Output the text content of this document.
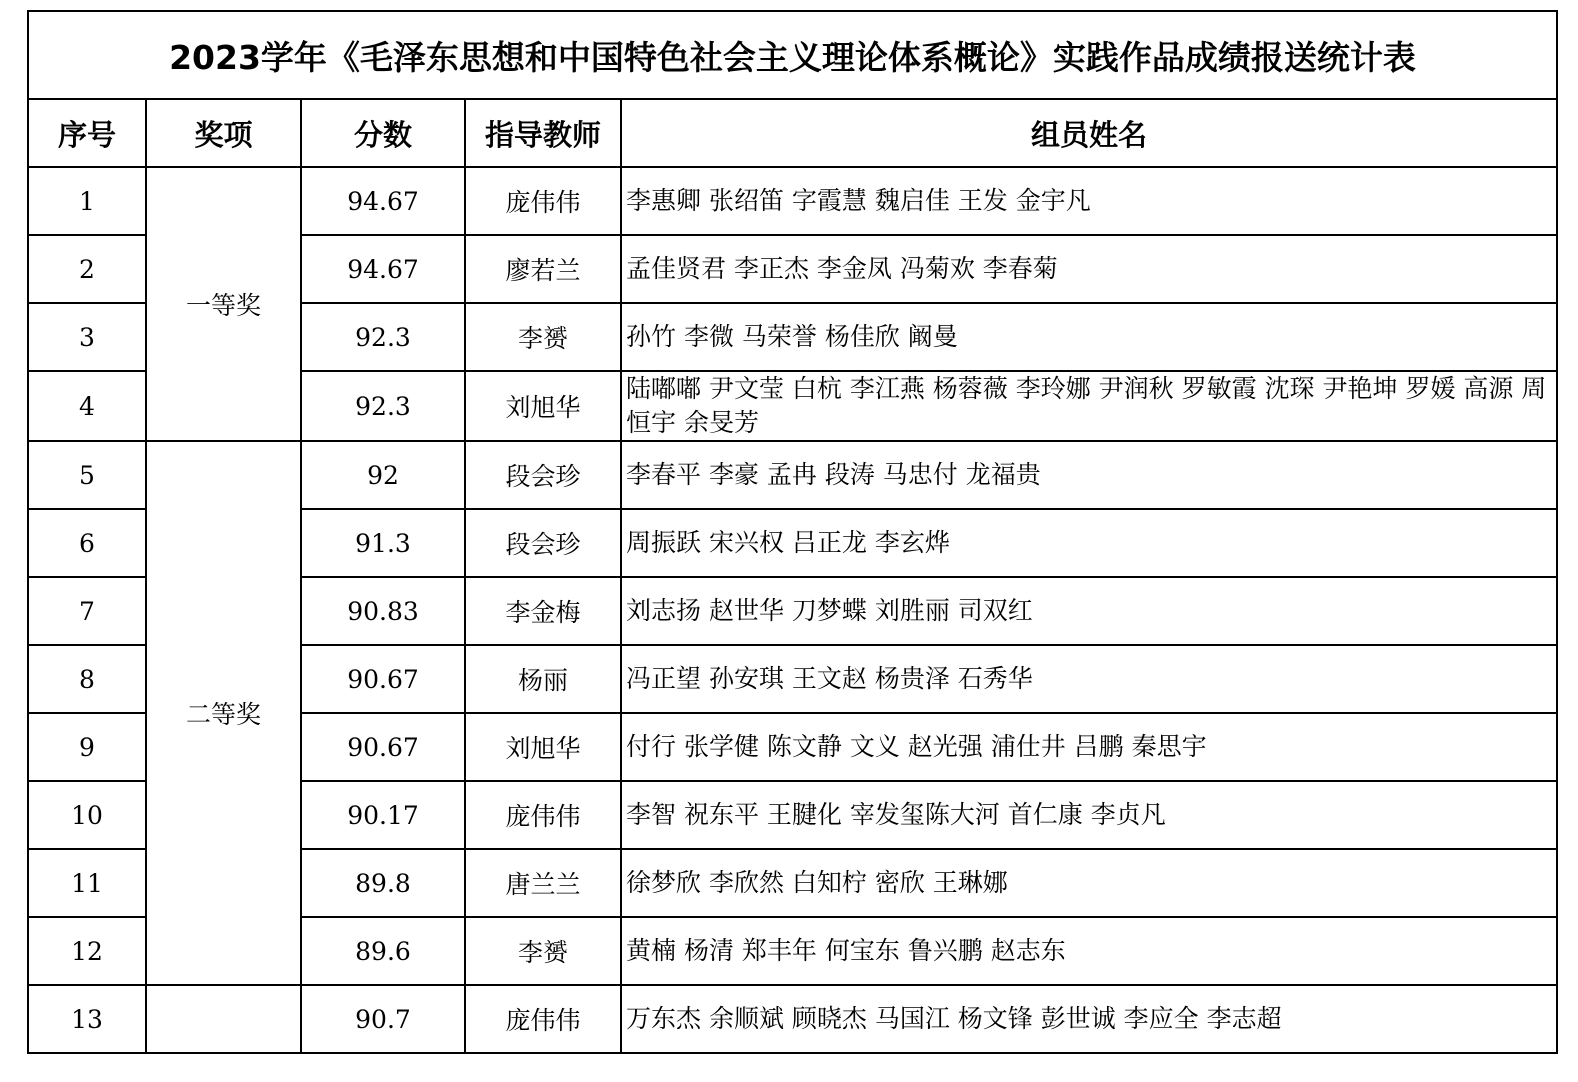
2023学年《毛泽东思想和中国特色社会主义理论体系概论》实践作品成绩报送统计表				
序号	奖项	分数	指导教师	组员姓名
1	一等奖	94.67	庞伟伟	李惠卿 张绍笛 字霞慧 魏启佳 王发 金宇凡
2		94.67	廖若兰	孟佳贤君 李正杰 李金凤 冯菊欢 李春菊
3		92.3	李赟	孙竹 李微 马荣誉 杨佳欣 阚曼
4		92.3	刘旭华	陆嘟嘟 尹文莹 白杭 李江燕 杨蓉薇 李玲娜 尹润秋 罗敏霞 沈琛 尹艳坤 罗媛 高源 周恒宇 余旻芳
5	二等奖	92	段会珍	李春平 李豪 孟冉 段涛 马忠付 龙福贵
6		91.3	段会珍	周振跃 宋兴权 吕正龙 李玄烨
7		90.83	李金梅	刘志扬 赵世华 刀梦蝶 刘胜丽 司双红
8		90.67	杨丽	冯正望 孙安琪 王文赵 杨贵泽 石秀华
9		90.67	刘旭华	付行 张学健 陈文静 文义 赵光强 浦仕井 吕鹏 秦思宇
10		90.17	庞伟伟	李智 祝东平 王腱化 宰发玺陈大河 首仁康 李贞凡
11		89.8	唐兰兰	徐梦欣 李欣然 白知柠 密欣 王琳娜
12		89.6	李赟	黄楠 杨清 郑丰年 何宝东 鲁兴鹏 赵志东
13		90.7	庞伟伟	万东杰 余顺斌 顾晓杰 马国江 杨文锋 彭世诚 李应全 李志超
